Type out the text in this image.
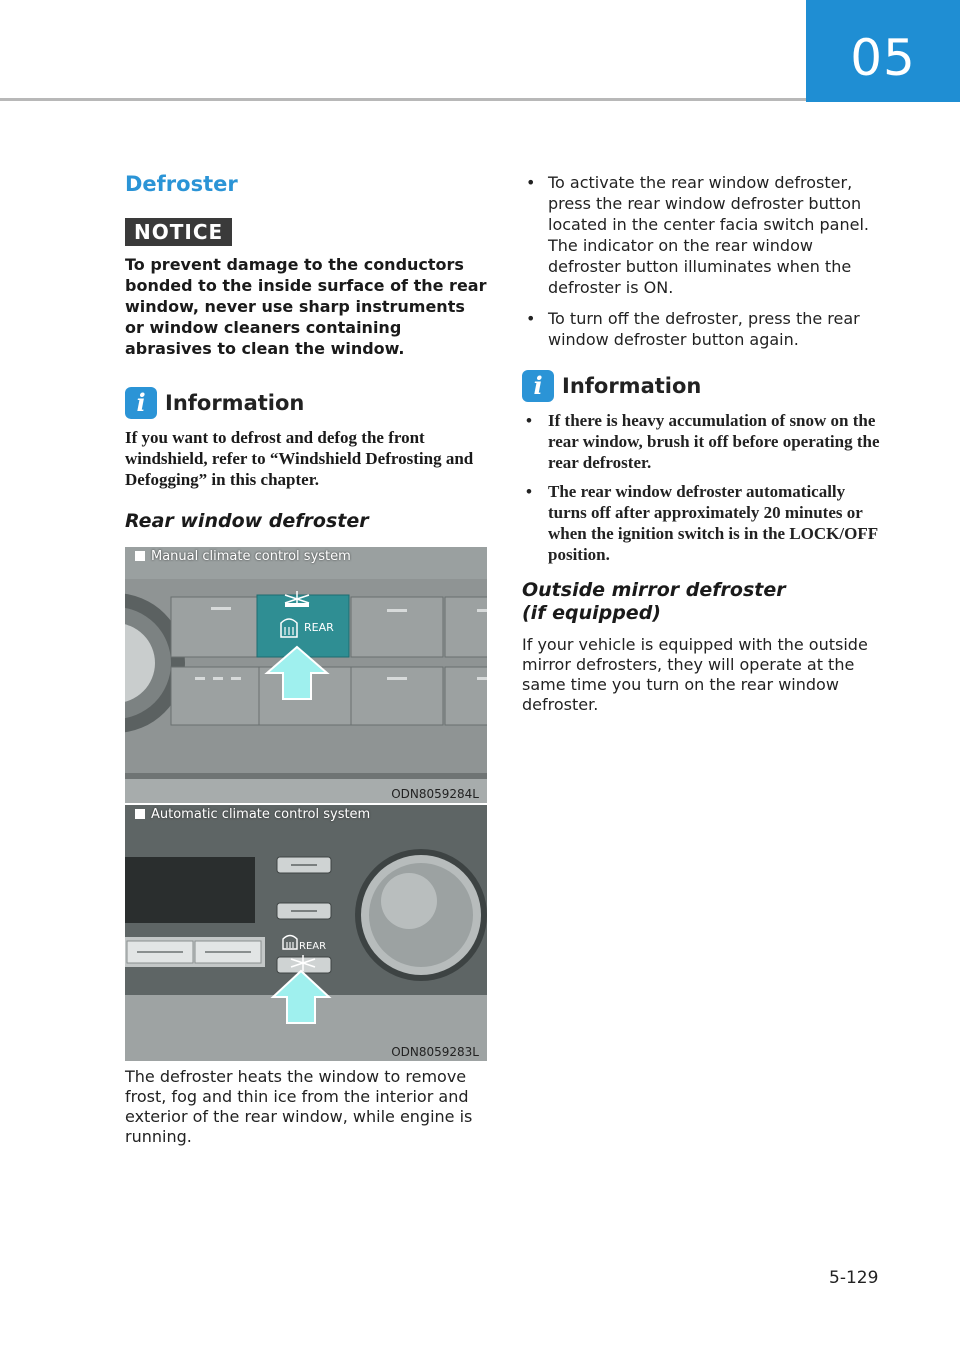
05
Defroster
NOTICE

To prevent damage to the conductors bonded to the inside surface of the rear window, never use sharp instruments or window cleaners containing abrasives to clean the window.

i Information

If you want to defrost and defog the front windshield, refer to “Windshield Defrosting and Defogging” in this chapter.

Rear window defroster
Manual climate control system
REAR
ODN8059284L
Automatic climate control system
REAR
ODN8059283L

The defroster heats the window to remove frost, fog and thin ice from the interior and exterior of the rear window, while engine is running.

• To activate the rear window defroster, press the rear window defroster button located in the center facia switch panel. The indicator on the rear window defroster button illuminates when the defroster is ON.
• To turn off the defroster, press the rear window defroster button again.
i Information
• If there is heavy accumulation of snow on the rear window, brush it off before operating the rear defroster.
• The rear window defroster automatically turns off after approximately 20 minutes or when the ignition switch is in the LOCK/OFF position.
Outside mirror defroster
(if equipped)

If your vehicle is equipped with the outside mirror defrosters, they will operate at the same time you turn on the rear window defroster.

5-129
